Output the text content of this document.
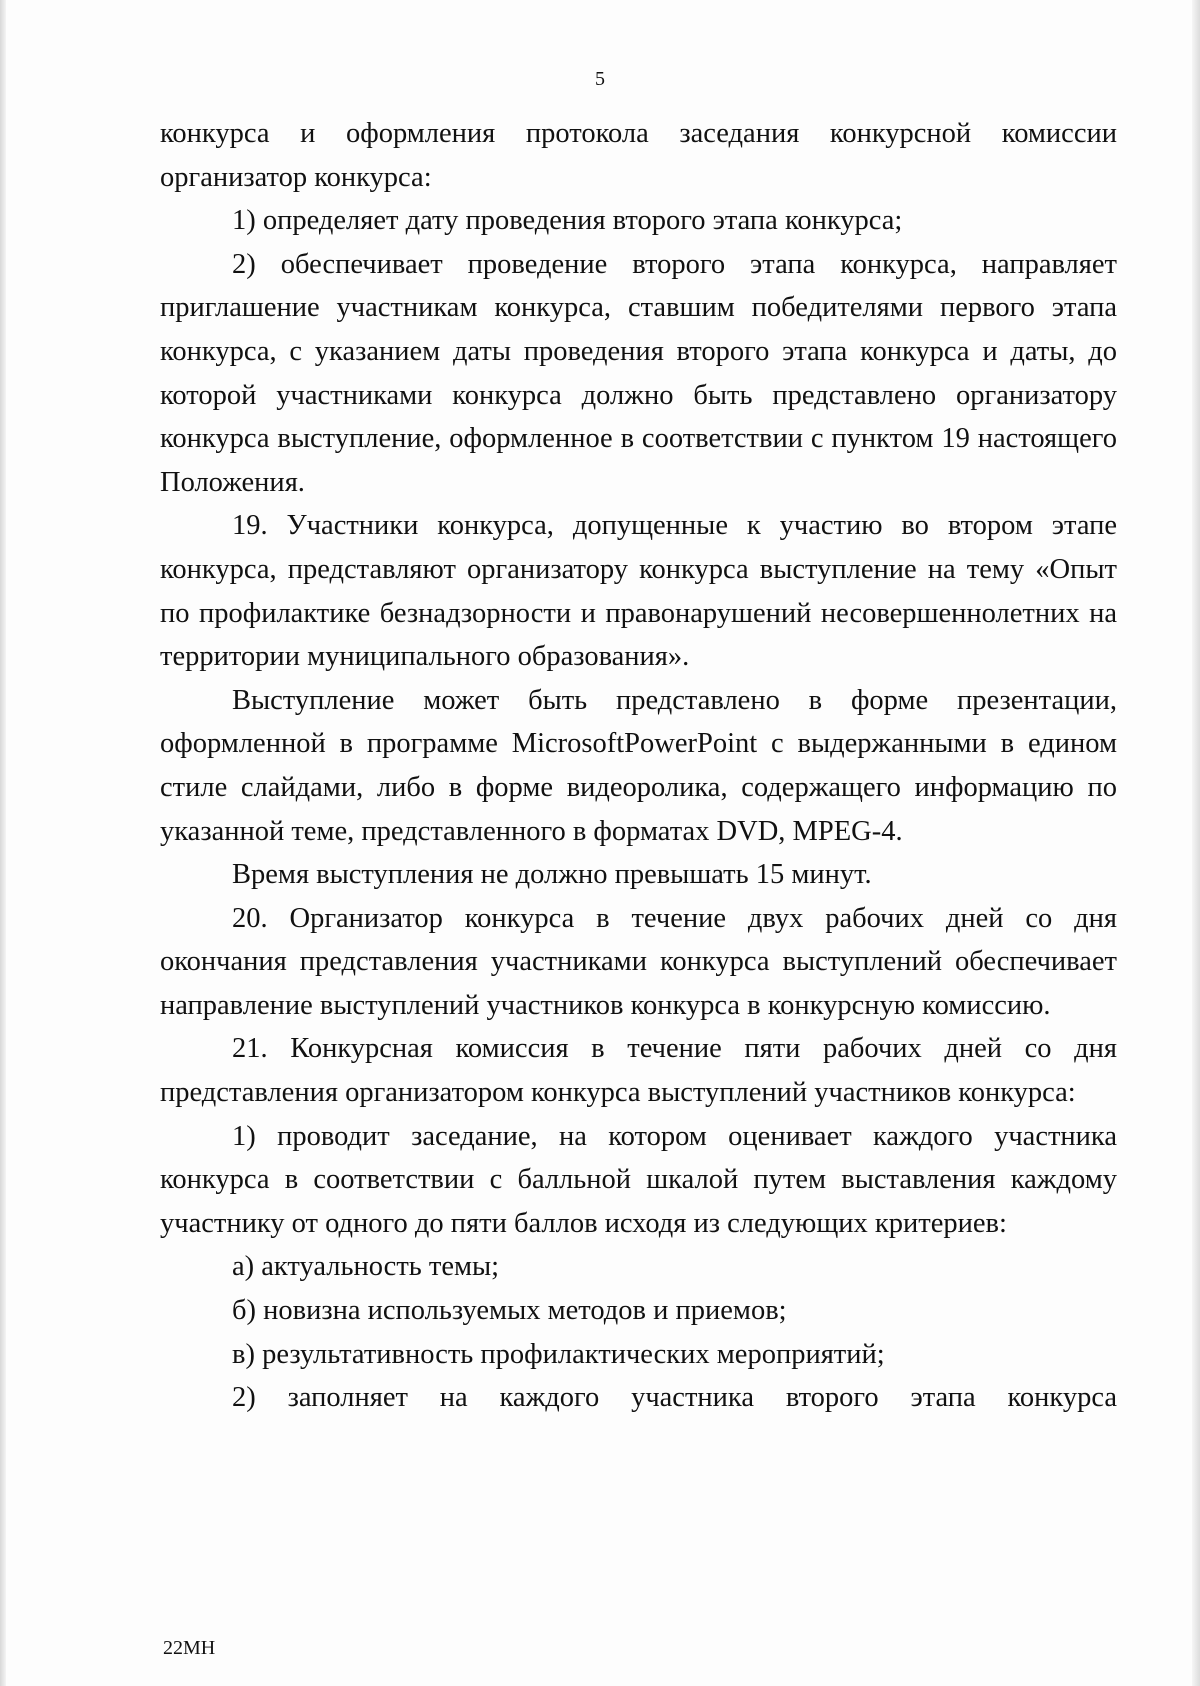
5

конкурса и оформления протокола заседания конкурсной комиссии организатор конкурса:

1) определяет дату проведения второго этапа конкурса;

2) обеспечивает проведение второго этапа конкурса, направляет приглашение участникам конкурса, ставшим победителями первого этапа конкурса, с указанием даты проведения второго этапа конкурса и даты, до которой участниками конкурса должно быть представлено организатору конкурса выступление, оформленное в соответствии с пунктом 19 настоящего Положения.

19. Участники конкурса, допущенные к участию во втором этапе конкурса, представляют организатору конкурса выступление на тему «Опыт по профилактике безнадзорности и правонарушений несовершеннолетних на территории муниципального образования».

Выступление может быть представлено в форме презентации, оформленной в программе MicrosoftPowerPoint с выдержанными в едином стиле слайдами, либо в форме видеоролика, содержащего информацию по указанной теме, представленного в форматах DVD, MPEG-4.

Время выступления не должно превышать 15 минут.

20. Организатор конкурса в течение двух рабочих дней со дня окончания представления участниками конкурса выступлений обеспечивает направление выступлений участников конкурса в конкурсную комиссию.

21. Конкурсная комиссия в течение пяти рабочих дней со дня представления организатором конкурса выступлений участников конкурса:

1) проводит заседание, на котором оценивает каждого участника конкурса в соответствии с балльной шкалой путем выставления каждому участнику от одного до пяти баллов исходя из следующих критериев:

а) актуальность темы;

б) новизна используемых методов и приемов;

в) результативность профилактических мероприятий;

2) заполняет на каждого участника второго этапа конкурса

22МН
